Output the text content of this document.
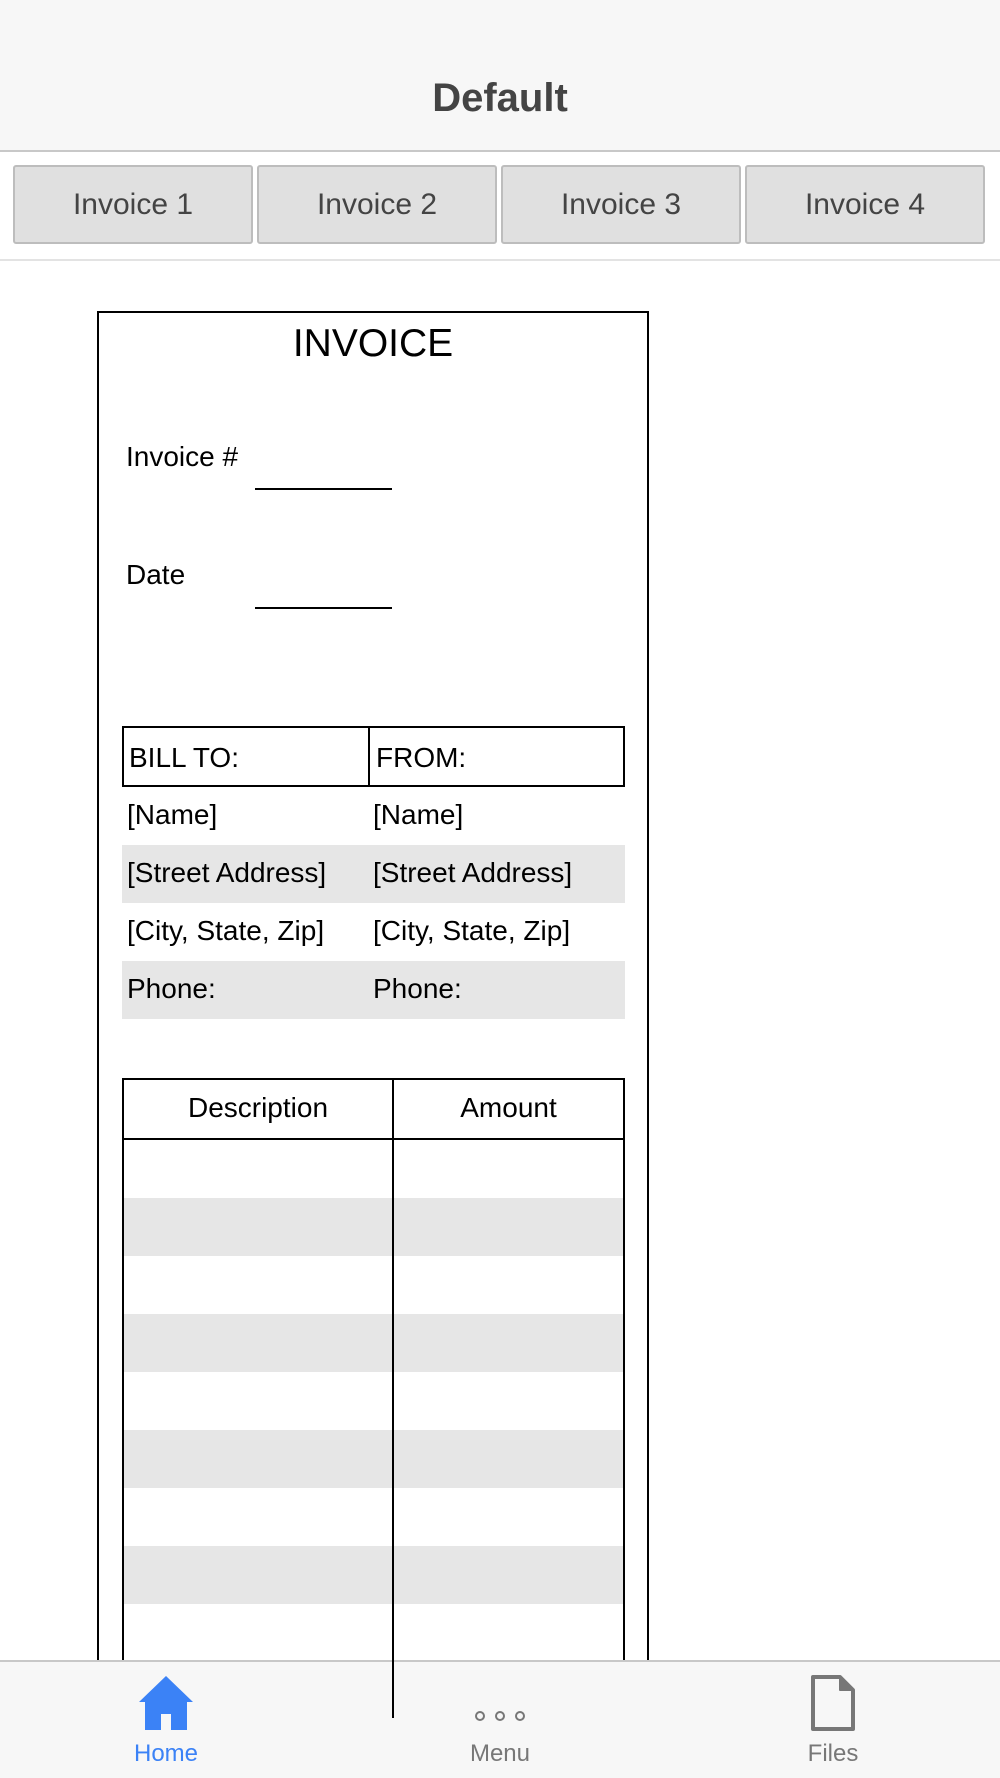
Default
Invoice 1	Invoice 2	Invoice 3	Invoice 4
INVOICE
Invoice #
Date
BILL TO:	FROM:
[Name]	[Name]
[Street Address] [Street Address]
[City, State, Zip] [City, State, Zip]
Phone:	Phone:
Description	Amount
Home	Menu	Files
